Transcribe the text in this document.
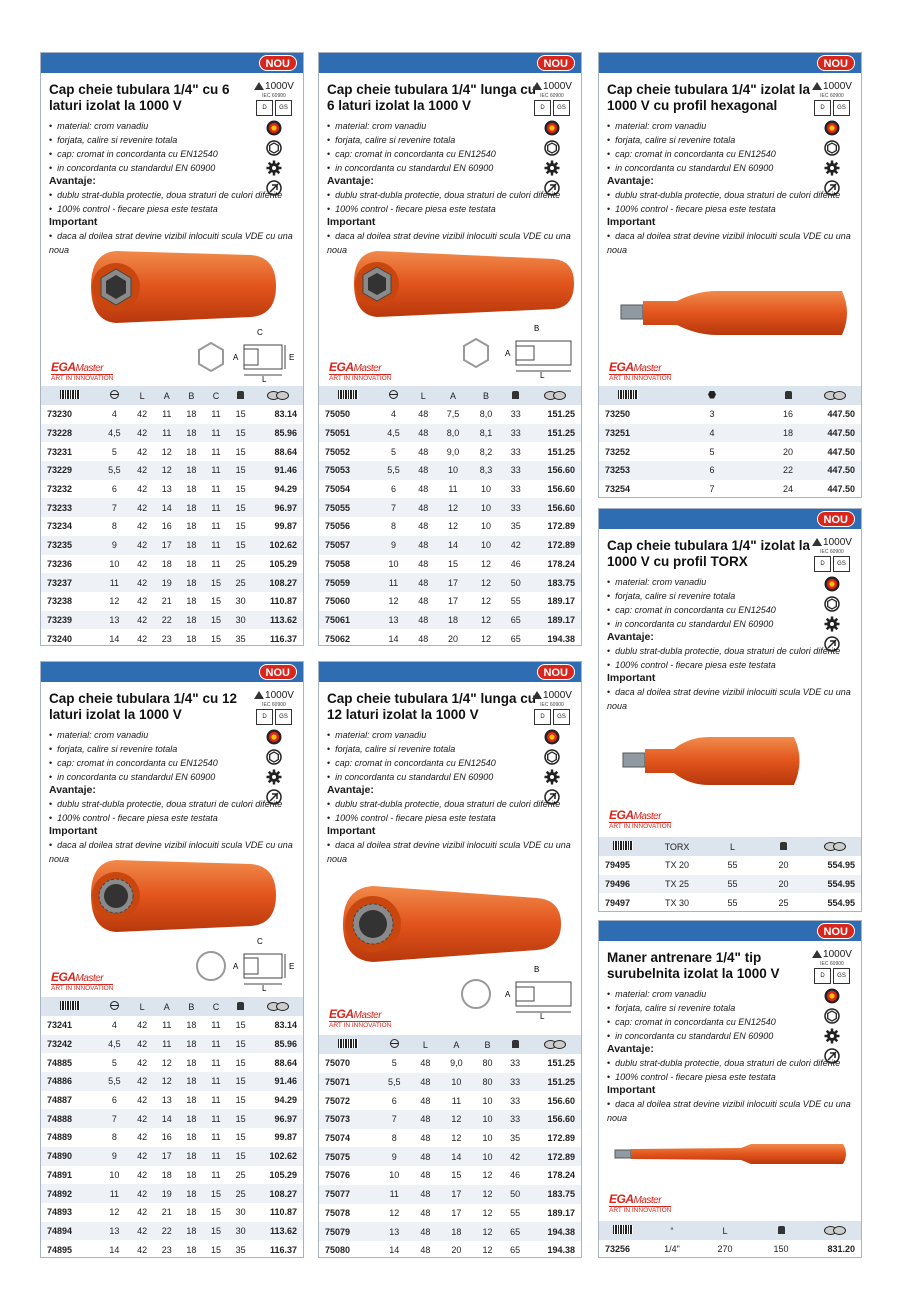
NOU
Cap cheie tubulara 1/4" cu 6 laturi izolat la 1000 V
1000V
IEC 60900
D	GS
• material: crom vanadiu
• forjata, calire si revenire totala
• cap: cromat in concordanta cu EN12540
• in concordanta cu standardul EN 60900
Avantaje:
• dublu strat-dubla protectie, doua straturi de culori diferite
• 100% control - fiecare piesa este testata
Important
• daca al doilea strat devine vizibil inlocuiti scula VDE cu una noua
C
A	E
L
EGAMaster
ART IN INNOVATION
		L	A	B	C		
73230	4	42	11	18	11	15	83.14
73228	4,5	42	11	18	11	15	85.96
73231	5	42	12	18	11	15	88.64
73229	5,5	42	12	18	11	15	91.46
73232	6	42	13	18	11	15	94.29
73233	7	42	14	18	11	15	96.97
73234	8	42	16	18	11	15	99.87
73235	9	42	17	18	11	15	102.62
73236	10	42	18	18	11	25	105.29
73237	11	42	19	18	15	25	108.27
73238	12	42	21	18	15	30	110.87
73239	13	42	22	18	15	30	113.62
73240	14	42	23	18	15	35	116.37
NOU
Cap cheie tubulara 1/4" lunga cu 6 laturi izolat la 1000 V
1000V
IEC 60900
D	GS
• material: crom vanadiu
• forjata, calire si revenire totala
• cap: cromat in concordanta cu EN12540
• in concordanta cu standardul EN 60900
Avantaje:
• dublu strat-dubla protectie, doua straturi de culori diferite
• 100% control - fiecare piesa este testata
Important
• daca al doilea strat devine vizibil inlocuiti scula VDE cu una noua
B
A
L
EGAMaster
ART IN INNOVATION
		L	A	B		
75050	4	48	7,5	8,0	33	151.25
75051	4,5	48	8,0	8,1	33	151.25
75052	5	48	9,0	8,2	33	151.25
75053	5,5	48	10	8,3	33	156.60
75054	6	48	11	10	33	156.60
75055	7	48	12	10	33	156.60
75056	8	48	12	10	35	172.89
75057	9	48	14	10	42	172.89
75058	10	48	15	12	46	178.24
75059	11	48	17	12	50	183.75
75060	12	48	17	12	55	189.17
75061	13	48	18	12	65	189.17
75062	14	48	20	12	65	194.38
NOU
Cap cheie tubulara 1/4" izolat la 1000 V cu profil hexagonal
1000V
IEC 60900
D	GS
• material: crom vanadiu
• forjata, calire si revenire totala
• cap: cromat in concordanta cu EN12540
• in concordanta cu standardul EN 60900
Avantaje:
• dublu strat-dubla protectie, doua straturi de culori diferite
• 100% control - fiecare piesa este testata
Important
• daca al doilea strat devine vizibil inlocuiti scula VDE cu una noua
EGAMaster
ART IN INNOVATION

73250	3	16	447.50
73251	4	18	447.50
73252	5	20	447.50
73253	6	22	447.50
73254	7	24	447.50
NOU
Cap cheie tubulara 1/4" izolat la 1000 V cu profil TORX
1000V
IEC 60900
D	GS
• material: crom vanadiu
• forjata, calire si revenire totala
• cap: cromat in concordanta cu EN12540
• in concordanta cu standardul EN 60900
Avantaje:
• dublu strat-dubla protectie, doua straturi de culori diferite
• 100% control - fiecare piesa este testata
Important
• daca al doilea strat devine vizibil inlocuiti scula VDE cu una noua
EGAMaster
ART IN INNOVATION
	TORX	L		
79495	TX 20	55	20	554.95
79496	TX 25	55	20	554.95
79497	TX 30	55	25	554.95
NOU
Cap cheie tubulara 1/4" cu 12 laturi izolat la 1000 V
1000V
IEC 60900
D	GS
• material: crom vanadiu
• forjata, calire si revenire totala
• cap: cromat in concordanta cu EN12540
• in concordanta cu standardul EN 60900
Avantaje:
• dublu strat-dubla protectie, doua straturi de culori diferite
• 100% control - fiecare piesa este testata
Important
• daca al doilea strat devine vizibil inlocuiti scula VDE cu una noua
C
A	E
L
EGAMaster
ART IN INNOVATION
		L	A	B	C		
73241	4	42	11	18	11	15	83.14
73242	4,5	42	11	18	11	15	85.96
74885	5	42	12	18	11	15	88.64
74886	5,5	42	12	18	11	15	91.46
74887	6	42	13	18	11	15	94.29
74888	7	42	14	18	11	15	96.97
74889	8	42	16	18	11	15	99.87
74890	9	42	17	18	11	15	102.62
74891	10	42	18	18	11	25	105.29
74892	11	42	19	18	15	25	108.27
74893	12	42	21	18	15	30	110.87
74894	13	42	22	18	15	30	113.62
74895	14	42	23	18	15	35	116.37
NOU
Cap cheie tubulara 1/4" lunga cu 12 laturi izolat la 1000 V
1000V
IEC 60900
D	GS
• material: crom vanadiu
• forjata, calire si revenire totala
• cap: cromat in concordanta cu EN12540
• in concordanta cu standardul EN 60900
Avantaje:
• dublu strat-dubla protectie, doua straturi de culori diferite
• 100% control - fiecare piesa este testata
Important
• daca al doilea strat devine vizibil inlocuiti scula VDE cu una noua
B
A
L
EGAMaster
ART IN INNOVATION
		L	A	B		
75070	5	48	9,0	80	33	151.25
75071	5,5	48	10	80	33	151.25
75072	6	48	11	10	33	156.60
75073	7	48	12	10	33	156.60
75074	8	48	12	10	35	172.89
75075	9	48	14	10	42	172.89
75076	10	48	15	12	46	178.24
75077	11	48	17	12	50	183.75
75078	12	48	17	12	55	189.17
75079	13	48	18	12	65	194.38
75080	14	48	20	12	65	194.38
NOU
Maner antrenare 1/4" tip surubelnita izolat la 1000 V
1000V
IEC 60900
D	GS
• material: crom vanadiu
• forjata, calire si revenire totala
• cap: cromat in concordanta cu EN12540
• in concordanta cu standardul EN 60900
Avantaje:
• dublu strat-dubla protectie, doua straturi de culori diferite
• 100% control - fiecare piesa este testata
Important
• daca al doilea strat devine vizibil inlocuiti scula VDE cu una noua
EGAMaster
ART IN INNOVATION
	“	L		
73256	1/4"	270	150	831.20
